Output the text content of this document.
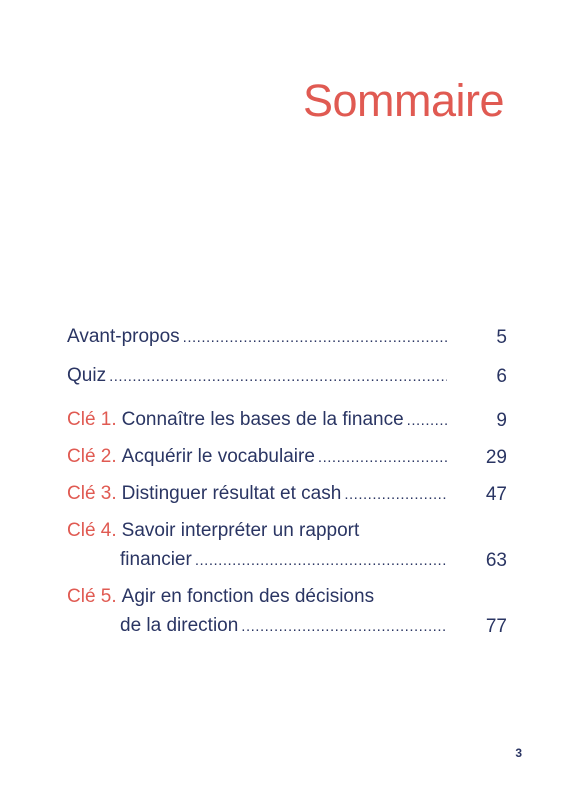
Sommaire
Avant-propos .....	5
Quiz .....	6
Clé 1. Connaître les bases de la finance .....	9
Clé 2. Acquérir le vocabulaire .....	29
Clé 3. Distinguer résultat et cash .....	47
Clé 4. Savoir interpréter un rapport
financier .....	63
Clé 5. Agir en fonction des décisions
de la direction .....	77
3
